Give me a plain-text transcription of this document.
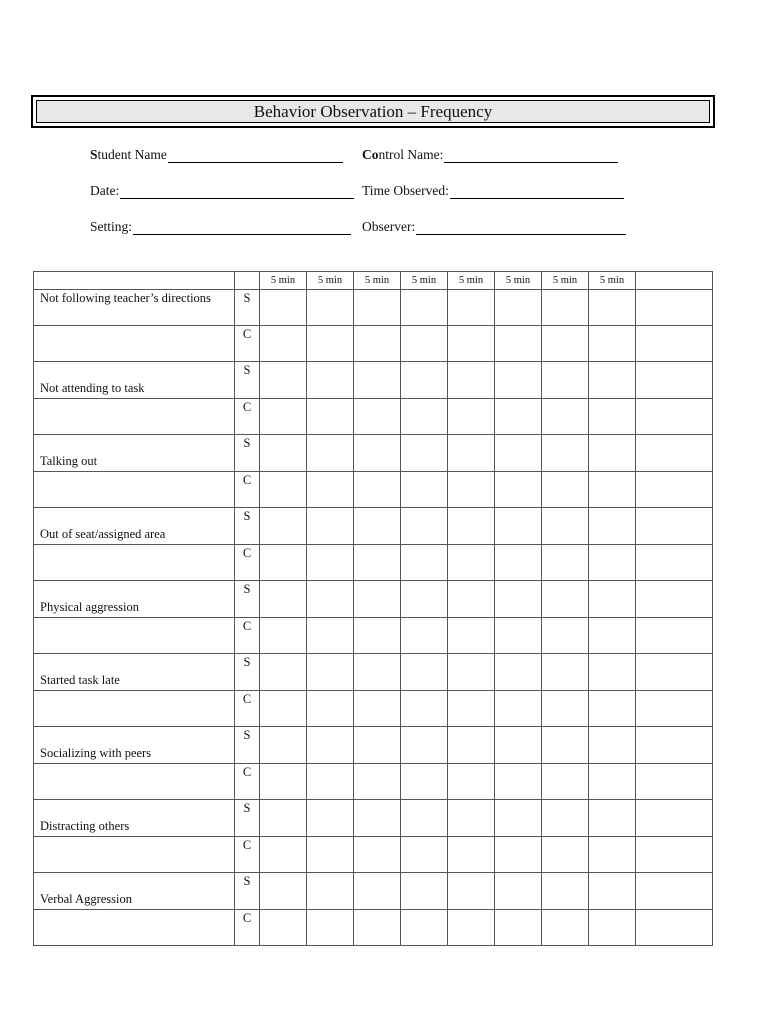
Behavior Observation – Frequency
Student Name	Control Name:
Date:	Time Observed:
Setting:	Observer:
		5 min	5 min	5 min	5 min	5 min	5 min	5 min	5 min	
Not following teacher’s directions	S									
	C									
Not attending to task	S									
	C									
Talking out	S									
	C									
Out of seat/assigned area	S									
	C									
Physical aggression	S									
	C									
Started task late	S									
	C									
Socializing with peers	S									
	C									
Distracting others	S									
	C									
Verbal Aggression	S									
	C									
